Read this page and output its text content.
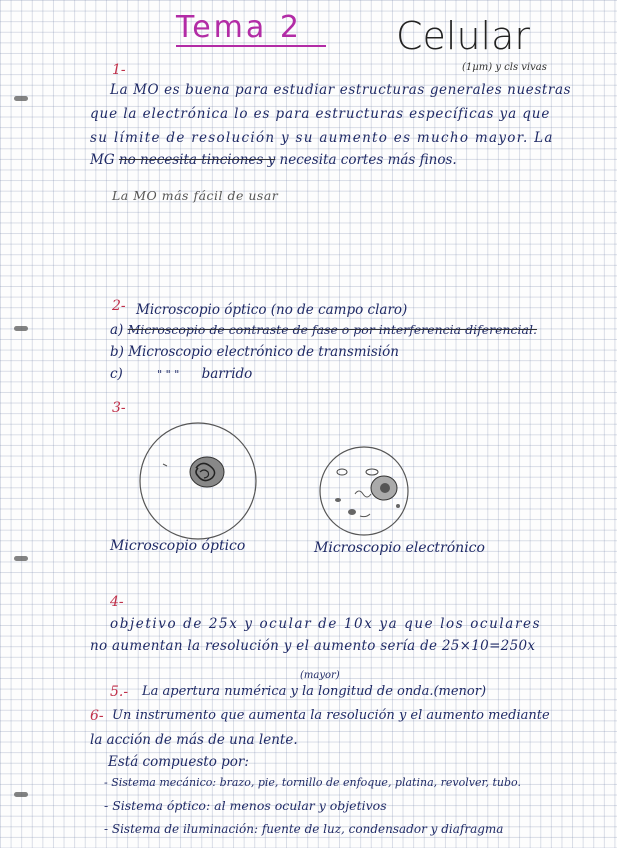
Tema 2 Celular
1-	(1µm) y cls vivas
La MO es buena para estudiar estructuras generales nuestras
que la electrónica lo es para estructuras específicas ya que
su límite de resolución y su aumento es mucho mayor. La
MG no necesita tinciones y necesita cortes más finos.
La MO más fácil de usar
2- Microscopio óptico (no de campo claro)
a) Microscopio de contraste de fase o por interferencia diferencial.
b) Microscopio electrónico de transmisión
c)	" " " barrido
3-
Microscopio óptico	Microscopio electrónico
4-
objetivo de 25x y ocular de 10x ya que los oculares
no aumentan la resolución y el aumento sería de 25×10=250x
5.-
(mayor)
La apertura numérica y la longitud de onda.(menor)
6- Un instrumento que aumenta la resolución y el aumento mediante
la acción de más de una lente.
Está compuesto por:
- Sistema mecánico: brazo, pie, tornillo de enfoque, platina, revolver, tubo.
- Sistema óptico: al menos ocular y objetivos
- Sistema de iluminación: fuente de luz, condensador y diafragma
